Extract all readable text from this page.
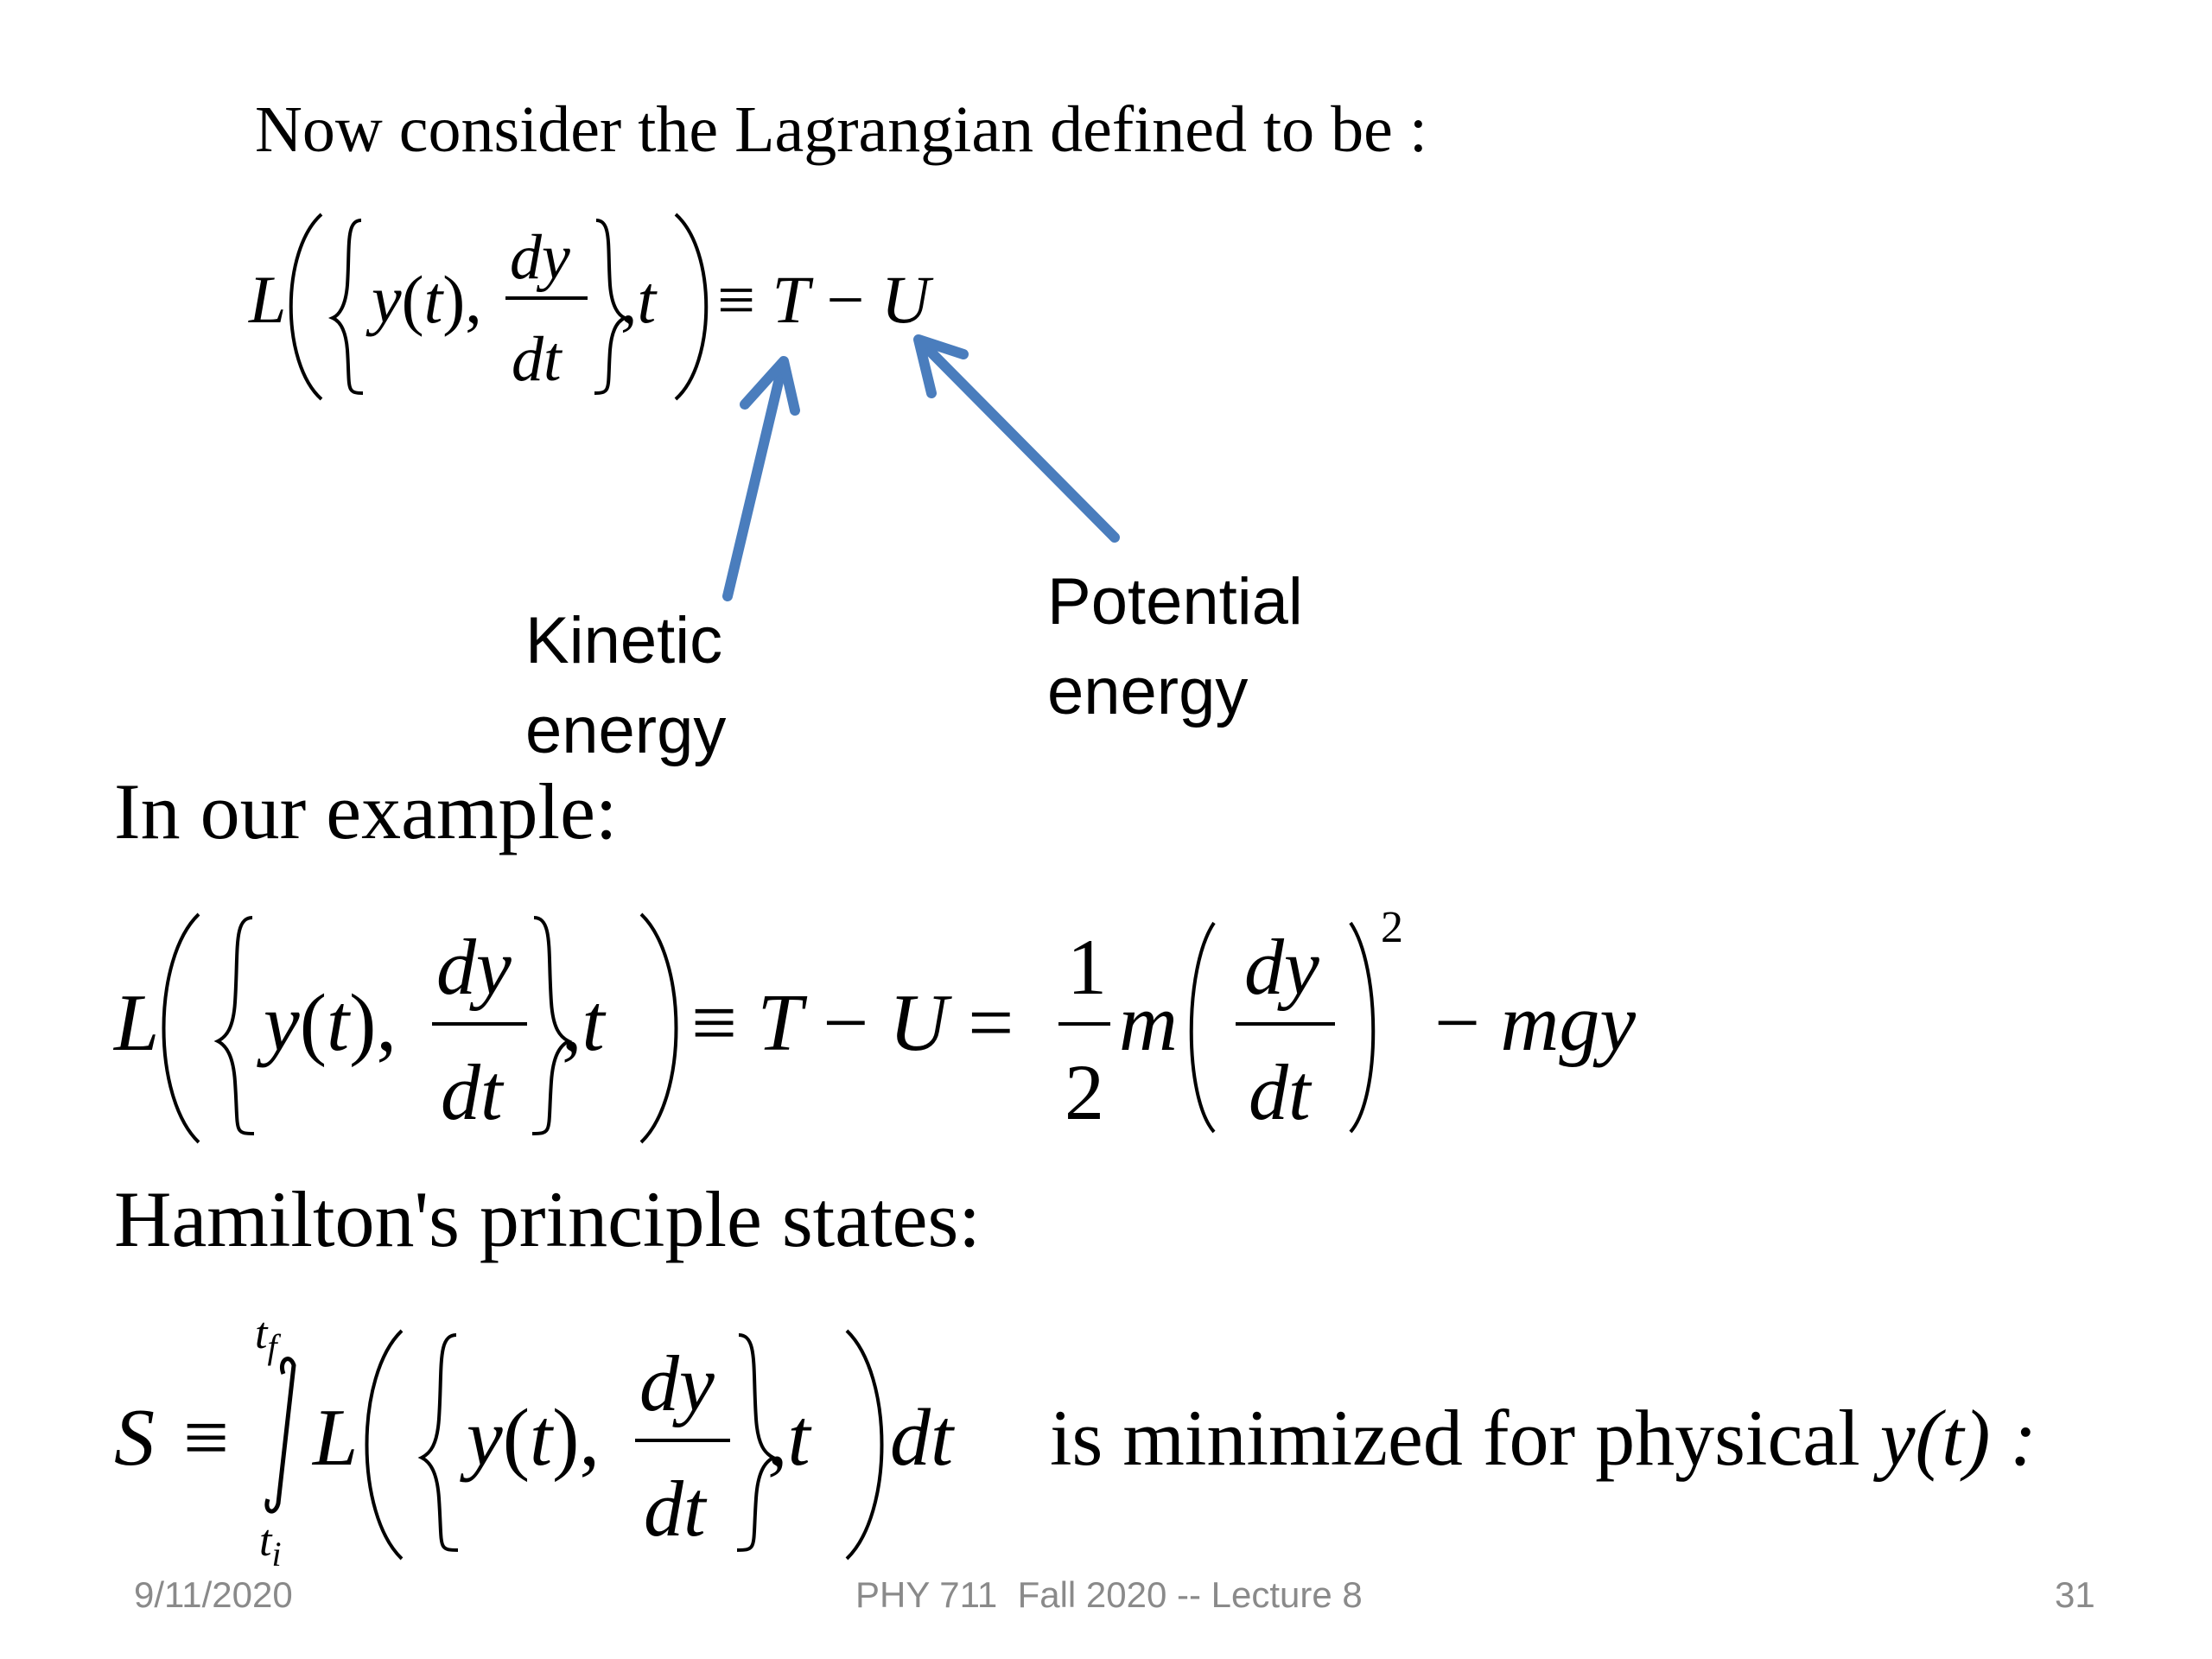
Now consider the Lagrangian defined to be :
L y(t),
dy
dt
,t ≡ T − U
Kinetic
energy
Potential
energy
In our example:
L y(t),
dy
dt
,t ≡ T − U =
1
2
m
dy
dt
2
− mgy
Hamilton's principle states:
S ≡
$t_f$
$t_i$
L y(t),
dy
dt
,t dt is minimized for physical y(t) :
9/11/2020	PHY 711  Fall 2020 -- Lecture 8	31
